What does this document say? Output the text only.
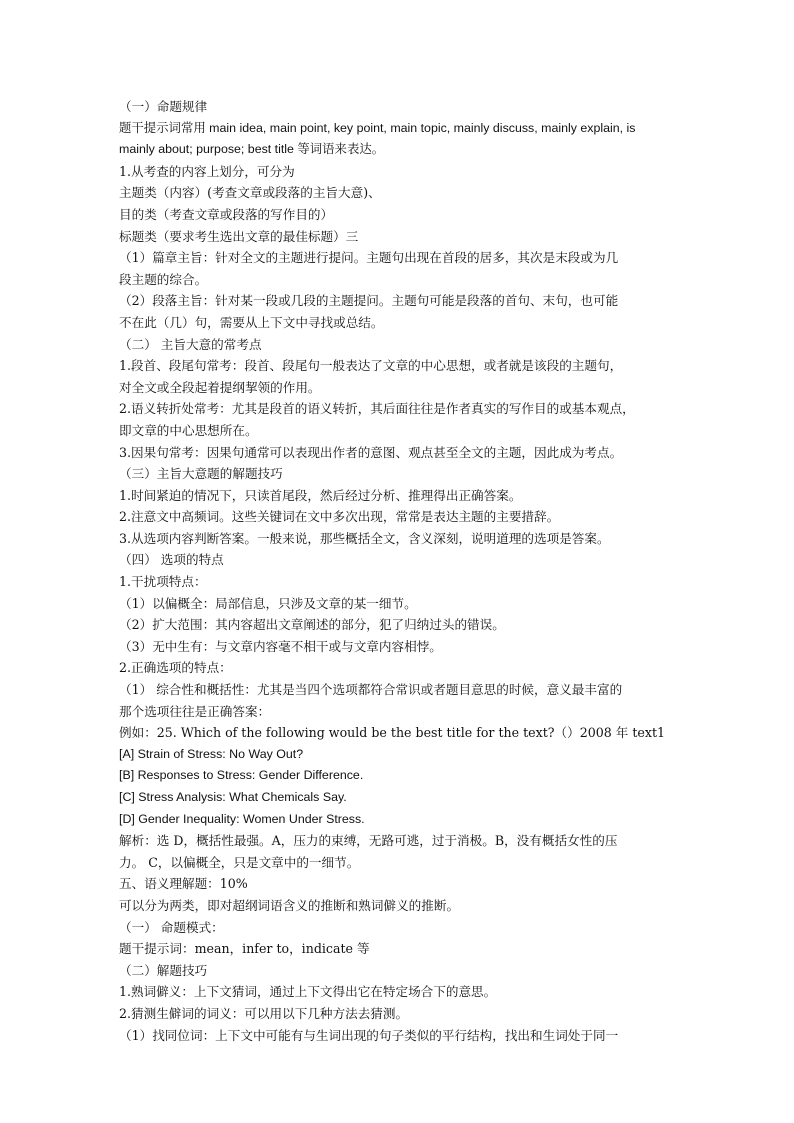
（一）命题规律
题干提示词常用 main idea, main point, key point, main topic, mainly discuss, mainly explain, is
mainly about; purpose; best title 等词语来表达。
1.从考查的内容上划分，可分为
主题类（内容）(考查文章或段落的主旨大意)、
目的类（考查文章或段落的写作目的）
标题类（要求考生选出文章的最佳标题）三
（1）篇章主旨：针对全文的主题进行提问。主题句出现在首段的居多，其次是末段或为几
段主题的综合。
（2）段落主旨：针对某一段或几段的主题提问。主题句可能是段落的首句、末句，也可能
不在此（几）句，需要从上下文中寻找或总结。
（二） 主旨大意的常考点
1.段首、段尾句常考：段首、段尾句一般表达了文章的中心思想，或者就是该段的主题句，
对全文或全段起着提纲挈领的作用。
2.语义转折处常考：尤其是段首的语义转折，其后面往往是作者真实的写作目的或基本观点，
即文章的中心思想所在。
3.因果句常考：因果句通常可以表现出作者的意图、观点甚至全文的主题，因此成为考点。
（三）主旨大意题的解题技巧
1.时间紧迫的情况下，只读首尾段，然后经过分析、推理得出正确答案。
2.注意文中高频词。这些关键词在文中多次出现，常常是表达主题的主要措辞。
3.从选项内容判断答案。一般来说，那些概括全文，含义深刻，说明道理的选项是答案。
（四） 选项的特点
1.干扰项特点：
（1）以偏概全：局部信息，只涉及文章的某一细节。
（2）扩大范围：其内容超出文章阐述的部分，犯了归纳过头的错误。
（3）无中生有：与文章内容毫不相干或与文章内容相悖。
2.正确选项的特点：
（1） 综合性和概括性：尤其是当四个选项都符合常识或者题目意思的时候，意义最丰富的
那个选项往往是正确答案：
例如：25. Which of the following would be the best title for the text?（）2008 年 text1
[A] Strain of Stress: No Way Out?
[B] Responses to Stress: Gender Difference.
[C] Stress Analysis: What Chemicals Say.
[D] Gender Inequality: Women Under Stress.
解析：选 D，概括性最强。A，压力的束缚，无路可逃，过于消极。B，没有概括女性的压
力。 C，以偏概全，只是文章中的一细节。
五、语义理解题：10%
可以分为两类，即对超纲词语含义的推断和熟词僻义的推断。
（一） 命题模式：
题干提示词：mean，infer to，indicate 等
（二）解题技巧
1.熟词僻义：上下文猜词，通过上下文得出它在特定场合下的意思。
2.猜测生僻词的词义：可以用以下几种方法去猜测。
（1）找同位词：上下文中可能有与生词出现的句子类似的平行结构，找出和生词处于同一
